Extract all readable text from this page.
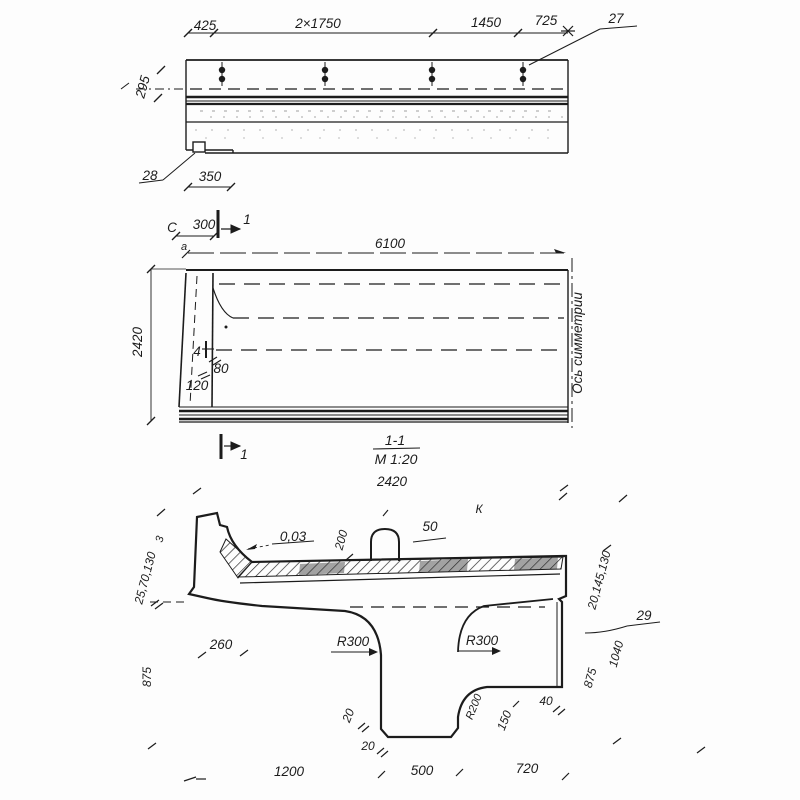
425	2×1750	1450 725	27
295
28	350
С 300 1
а	6100
2420	4
80
120	Ось симметрии
1
1-1
М 1:20
2420
К
0,03 200
50
25,70,130
3
875
260	R300	R300
R200
20
20
150
40
20,145,130
29
1040
875
1200	500	720
